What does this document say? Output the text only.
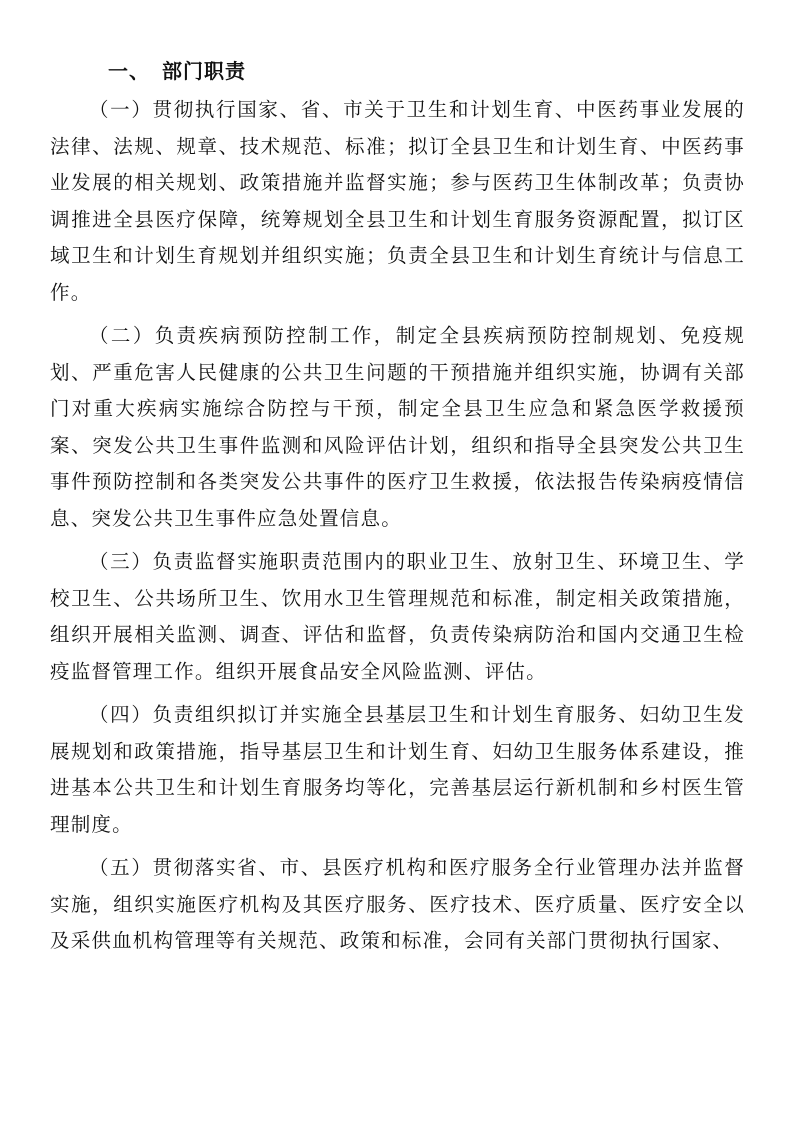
一、 部门职责

（一）贯彻执行国家、省、市关于卫生和计划生育、中医药事业发展的法律、法规、规章、技术规范、标准；拟订全县卫生和计划生育、中医药事业发展的相关规划、政策措施并监督实施；参与医药卫生体制改革；负责协调推进全县医疗保障，统筹规划全县卫生和计划生育服务资源配置，拟订区域卫生和计划生育规划并组织实施；负责全县卫生和计划生育统计与信息工作。

（二）负责疾病预防控制工作，制定全县疾病预防控制规划、免疫规划、严重危害人民健康的公共卫生问题的干预措施并组织实施，协调有关部门对重大疾病实施综合防控与干预，制定全县卫生应急和紧急医学救援预案、突发公共卫生事件监测和风险评估计划，组织和指导全县突发公共卫生事件预防控制和各类突发公共事件的医疗卫生救援，依法报告传染病疫情信息、突发公共卫生事件应急处置信息。

（三）负责监督实施职责范围内的职业卫生、放射卫生、环境卫生、学校卫生、公共场所卫生、饮用水卫生管理规范和标准，制定相关政策措施，组织开展相关监测、调查、评估和监督，负责传染病防治和国内交通卫生检疫监督管理工作。组织开展食品安全风险监测、评估。

（四）负责组织拟订并实施全县基层卫生和计划生育服务、妇幼卫生发展规划和政策措施，指导基层卫生和计划生育、妇幼卫生服务体系建设，推进基本公共卫生和计划生育服务均等化，完善基层运行新机制和乡村医生管理制度。

（五）贯彻落实省、市、县医疗机构和医疗服务全行业管理办法并监督实施，组织实施医疗机构及其医疗服务、医疗技术、医疗质量、医疗安全以及采供血机构管理等有关规范、政策和标准，会同有关部门贯彻执行国家、
